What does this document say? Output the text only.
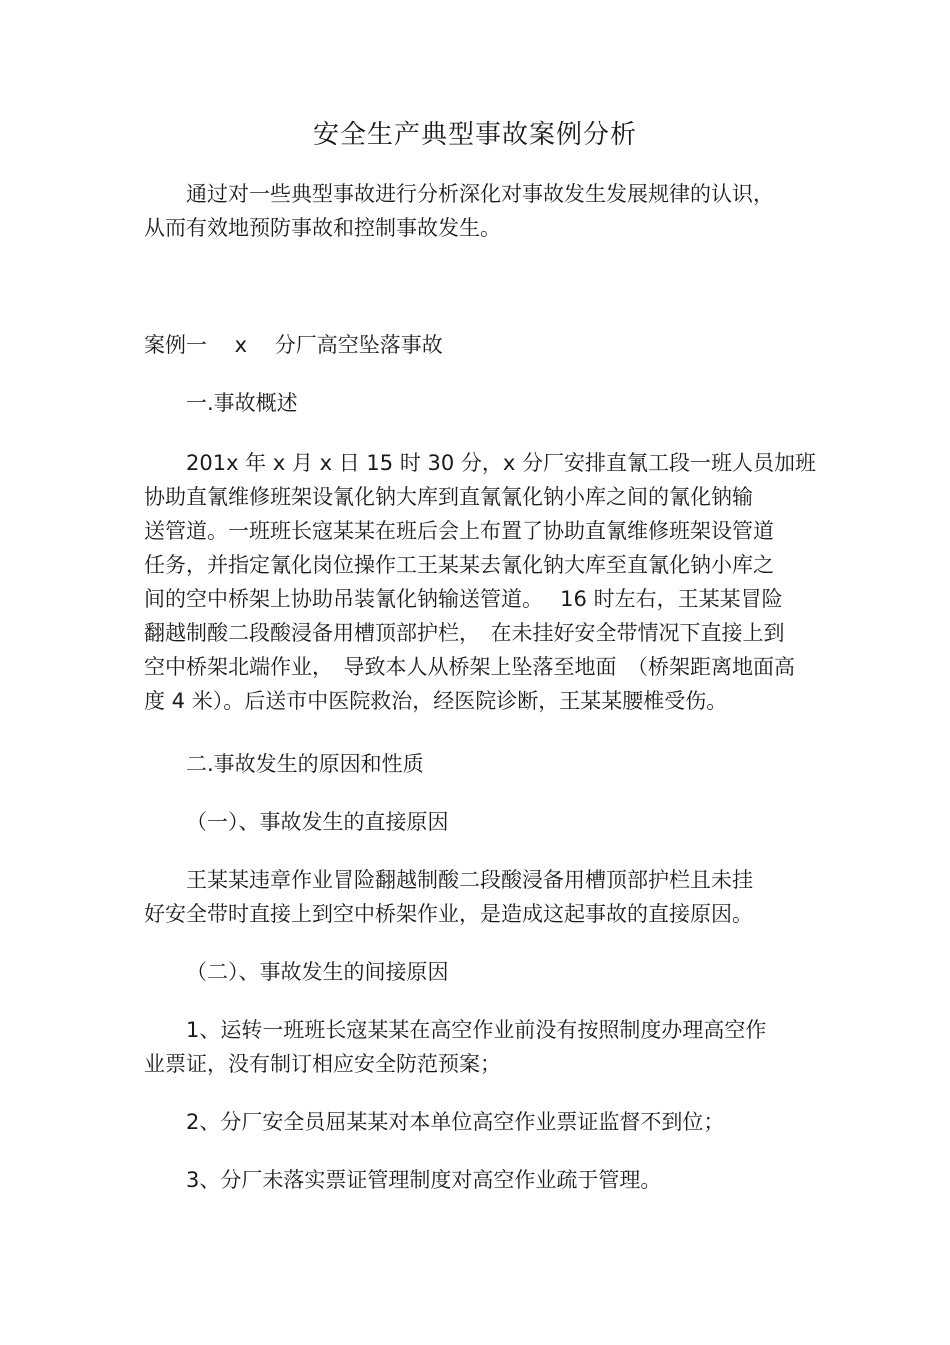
安全生产典型事故案例分析
通过对一些典型事故进行分析深化对事故发生发展规律的认识，
从而有效地预防事故和控制事故发生。
案例一　 x　 分厂高空坠落事故
一.事故概述
201x 年 x 月 x 日 15 时 30 分，x 分厂安排直氰工段一班人员加班
协助直氰维修班架设氰化钠大库到直氰氰化钠小库之间的氰化钠输
送管道。一班班长寇某某在班后会上布置了协助直氰维修班架设管道
任务，并指定氰化岗位操作工王某某去氰化钠大库至直氰化钠小库之
间的空中桥架上协助吊装氰化钠输送管道。　 16 时左右，王某某冒险
翻越制酸二段酸浸备用槽顶部护栏，　在未挂好安全带情况下直接上到
空中桥架北端作业，　导致本人从桥架上坠落至地面　（桥架距离地面高
度 4 米）。后送市中医院救治，经医院诊断，王某某腰椎受伤。
二.事故发生的原因和性质
（一）、事故发生的直接原因
王某某违章作业冒险翻越制酸二段酸浸备用槽顶部护栏且未挂
好安全带时直接上到空中桥架作业，是造成这起事故的直接原因。
（二）、事故发生的间接原因
1、运转一班班长寇某某在高空作业前没有按照制度办理高空作
业票证，没有制订相应安全防范预案；
2、分厂安全员屈某某对本单位高空作业票证监督不到位；
3、分厂未落实票证管理制度对高空作业疏于管理。
